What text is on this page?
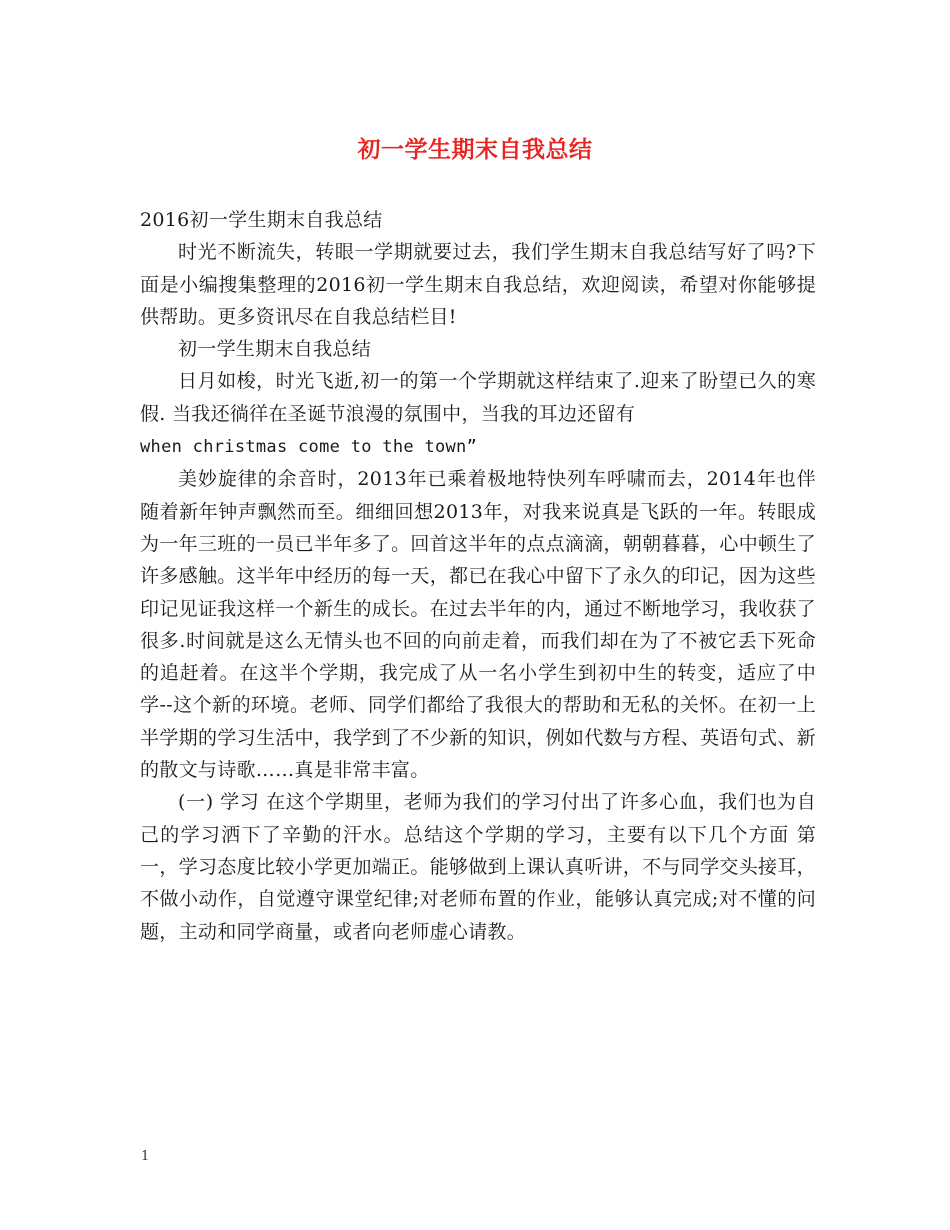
初一学生期末自我总结

2016初一学生期末自我总结

时光不断流失，转眼一学期就要过去，我们学生期末自我总结写好了吗?下面是小编搜集整理的2016初一学生期末自我总结，欢迎阅读，希望对你能够提供帮助。更多资讯尽在自我总结栏目!

初一学生期末自我总结

日月如梭，时光飞逝,初一的第一个学期就这样结束了.迎来了盼望已久的寒假. 当我还徜徉在圣诞节浪漫的氛围中，当我的耳边还留有
when christmas come to the town”

美妙旋律的余音时，2013年已乘着极地特快列车呼啸而去，2014年也伴随着新年钟声飘然而至。细细回想2013年，对我来说真是飞跃的一年。转眼成为一年三班的一员已半年多了。回首这半年的点点滴滴，朝朝暮暮，心中顿生了许多感触。这半年中经历的每一天，都已在我心中留下了永久的印记，因为这些印记见证我这样一个新生的成长。在过去半年的内，通过不断地学习，我收获了很多.时间就是这么无情头也不回的向前走着，而我们却在为了不被它丢下死命的追赶着。在这半个学期，我完成了从一名小学生到初中生的转变，适应了中学--这个新的环境。老师、同学们都给了我很大的帮助和无私的关怀。在初一上半学期的学习生活中，我学到了不少新的知识，例如代数与方程、英语句式、新的散文与诗歌……真是非常丰富。

(一) 学习 在这个学期里，老师为我们的学习付出了许多心血，我们也为自己的学习洒下了辛勤的汗水。总结这个学期的学习，主要有以下几个方面 第一，学习态度比较小学更加端正。能够做到上课认真听讲，不与同学交头接耳，不做小动作，自觉遵守课堂纪律;对老师布置的作业，能够认真完成;对不懂的问题，主动和同学商量，或者向老师虚心请教。

1
